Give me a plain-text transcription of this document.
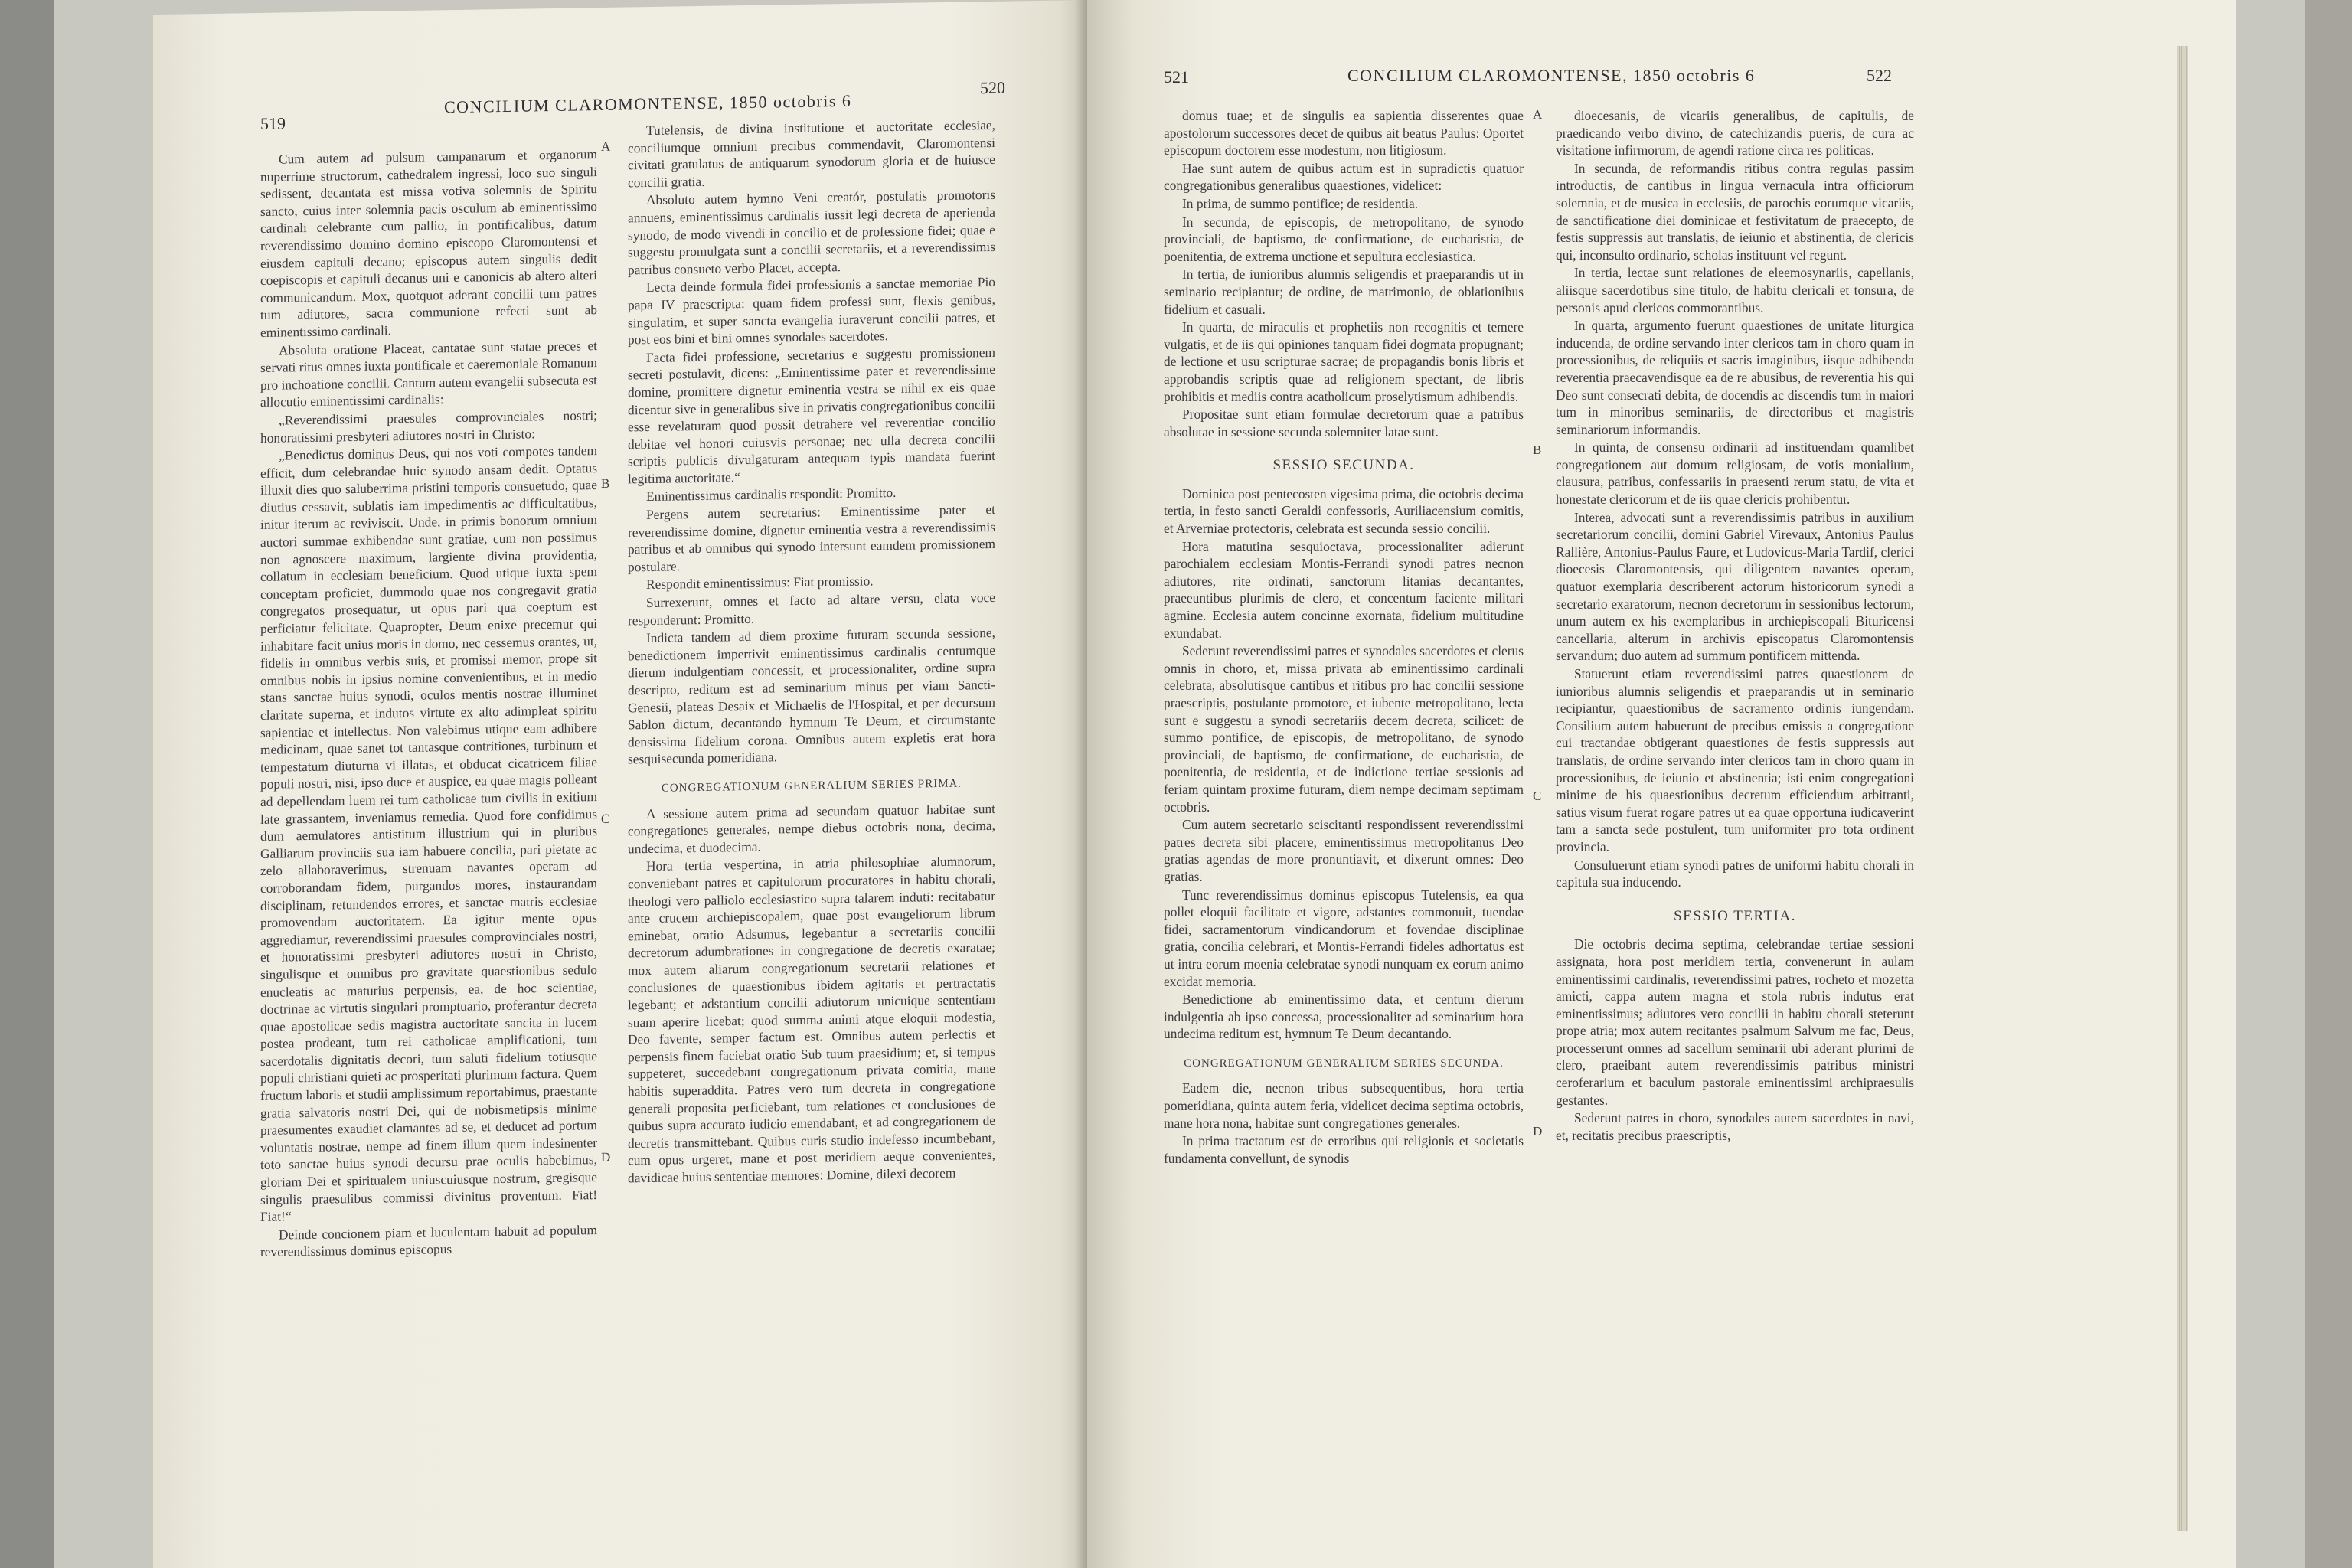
519
CONCILIUM CLAROMONTENSE, 1850 octobris 6
520

Cum autem ad pulsum campanarum et organorum nuperrime structorum, cathedralem ingressi, loco suo singuli sedissent, decantata est missa votiva solemnis de Spiritu sancto, cuius inter solemnia pacis osculum ab eminentissimo cardinali celebrante cum pallio, in pontificalibus, datum reverendissimo domino domino episcopo Claromontensi et eiusdem capituli decano; episcopus autem singulis dedit coepiscopis et capituli decanus uni e canonicis ab altero alteri communicandum. Mox, quotquot aderant concilii tum patres tum adiutores, sacra communione refecti sunt ab eminentissimo cardinali.

Absoluta oratione Placeat, cantatae sunt statae preces et servati ritus omnes iuxta pontificale et caeremoniale Romanum pro inchoatione concilii. Cantum autem evangelii subsecuta est allocutio eminentissimi cardinalis:

„Reverendissimi praesules comprovinciales nostri; honoratissimi presbyteri adiutores nostri in Christo:

„Benedictus dominus Deus, qui nos voti compotes tandem efficit, dum celebrandae huic synodo ansam dedit. Optatus illuxit dies quo saluberrima pristini temporis consuetudo, quae diutius cessavit, sublatis iam impedimentis ac difficultatibus, initur iterum ac reviviscit. Unde, in primis bonorum omnium auctori summae exhibendae sunt gratiae, cum non possimus non agnoscere maximum, largiente divina providentia, collatum in ecclesiam beneficium. Quod utique iuxta spem conceptam proficiet, dummodo quae nos congregavit gratia congregatos prosequatur, ut opus pari qua coeptum est perficiatur felicitate. Quapropter, Deum enixe precemur qui inhabitare facit unius moris in domo, nec cessemus orantes, ut, fidelis in omnibus verbis suis, et promissi memor, prope sit omnibus nobis in ipsius nomine convenientibus, et in medio stans sanctae huius synodi, oculos mentis nostrae illuminet claritate superna, et indutos virtute ex alto adimpleat spiritu sapientiae et intellectus. Non valebimus utique eam adhibere medicinam, quae sanet tot tantasque contritiones, turbinum et tempestatum diuturna vi illatas, et obducat cicatricem filiae populi nostri, nisi, ipso duce et auspice, ea quae magis polleant ad depellendam luem rei tum catholicae tum civilis in exitium late grassantem, inveniamus remedia. Quod fore confidimus dum aemulatores antistitum illustrium qui in pluribus Galliarum provinciis sua iam habuere concilia, pari pietate ac zelo allaboraverimus, strenuam navantes operam ad corroborandam fidem, purgandos mores, instaurandam disciplinam, retundendos errores, et sanctae matris ecclesiae promovendam auctoritatem. Ea igitur mente opus aggrediamur, reverendissimi praesules comprovinciales nostri, et honoratissimi presbyteri adiutores nostri in Christo, singulisque et omnibus pro gravitate quaestionibus sedulo enucleatis ac maturius perpensis, ea, de hoc scientiae, doctrinae ac virtutis singulari promptuario, proferantur decreta quae apostolicae sedis magistra auctoritate sancita in lucem postea prodeant, tum rei catholicae amplificationi, tum sacerdotalis dignitatis decori, tum saluti fidelium totiusque populi christiani quieti ac prosperitati plurimum factura. Quem fructum laboris et studii amplissimum reportabimus, praestante gratia salvatoris nostri Dei, qui de nobismetipsis minime praesumentes exaudiet clamantes ad se, et deducet ad portum voluntatis nostrae, nempe ad finem illum quem indesinenter toto sanctae huius synodi decursu prae oculis habebimus, gloriam Dei et spiritualem uniuscuiusque nostrum, gregisque singulis praesulibus commissi divinitus proventum. Fiat! Fiat!“

Deinde concionem piam et luculentam habuit ad populum reverendissimus dominus episcopus

Tutelensis, de divina institutione et auctoritate ecclesiae, conciliumque omnium precibus commendavit, Claromontensi civitati gratulatus de antiquarum synodorum gloria et de huiusce concilii gratia.

Absoluto autem hymno Veni creatór, postulatis promotoris annuens, eminentissimus cardinalis iussit legi decreta de aperienda synodo, de modo vivendi in concilio et de professione fidei; quae e suggestu promulgata sunt a concilii secretariis, et a reverendissimis patribus consueto verbo Placet, accepta.

Lecta deinde formula fidei professionis a sanctae memoriae Pio papa IV praescripta: quam fidem professi sunt, flexis genibus, singulatim, et super sancta evangelia iuraverunt concilii patres, et post eos bini et bini omnes synodales sacerdotes.

Facta fidei professione, secretarius e suggestu promissionem secreti postulavit, dicens: „Eminentissime pater et reverendissime domine, promittere dignetur eminentia vestra se nihil ex eis quae dicentur sive in generalibus sive in privatis congregationibus concilii esse revelaturam quod possit detrahere vel reverentiae concilio debitae vel honori cuiusvis personae; nec ulla decreta concilii scriptis publicis divulgaturam antequam typis mandata fuerint legitima auctoritate.“

Eminentissimus cardinalis respondit: Promitto.

Pergens autem secretarius: Eminentissime pater et reverendissime domine, dignetur eminentia vestra a reverendissimis patribus et ab omnibus qui synodo intersunt eamdem promissionem postulare.

Respondit eminentissimus: Fiat promissio.

Surrexerunt, omnes et facto ad altare versu, elata voce responderunt: Promitto.

Indicta tandem ad diem proxime futuram secunda sessione, benedictionem impertivit eminentissimus cardinalis centumque dierum indulgentiam concessit, et processionaliter, ordine supra descripto, reditum est ad seminarium minus per viam Sancti-Genesii, plateas Desaix et Michaelis de l'Hospital, et per decursum Sablon dictum, decantando hymnum Te Deum, et circumstante densissima fidelium corona. Omnibus autem expletis erat hora sesquisecunda pomeridiana.

CONGREGATIONUM GENERALIUM SERIES PRIMA.

A sessione autem prima ad secundam quatuor habitae sunt congregationes generales, nempe diebus octobris nona, decima, undecima, et duodecima.

Hora tertia vespertina, in atria philosophiae alumnorum, conveniebant patres et capitulorum procuratores in habitu chorali, theologi vero palliolo ecclesiastico supra talarem induti: recitabatur ante crucem archiepiscopalem, quae post evangeliorum librum eminebat, oratio Adsumus, legebantur a secretariis concilii decretorum adumbrationes in congregatione de decretis exaratae; mox autem aliarum congregationum secretarii relationes et conclusiones de quaestionibus ibidem agitatis et pertractatis legebant; et adstantium concilii adiutorum unicuique sententiam suam aperire licebat; quod summa animi atque eloquii modestia, Deo favente, semper factum est. Omnibus autem perlectis et perpensis finem faciebat oratio Sub tuum praesidium; et, si tempus suppeteret, succedebant congregationum privata comitia, mane habitis superaddita. Patres vero tum decreta in congregatione generali proposita perficiebant, tum relationes et conclusiones de quibus supra accurato iudicio emendabant, et ad congregationem de decretis transmittebant. Quibus curis studio indefesso incumbebant, cum opus urgeret, mane et post meridiem aeque convenientes, davidicae huius sententiae memores: Domine, dilexi decorem

A
B
C
D
521	CONCILIUM CLAROMONTENSE, 1850 octobris 6	522

domus tuae; et de singulis ea sapientia disserentes quae apostolorum successores decet de quibus ait beatus Paulus: Oportet episcopum doctorem esse modestum, non litigiosum.

Hae sunt autem de quibus actum est in supradictis quatuor congregationibus generalibus quaestiones, videlicet:

In prima, de summo pontifice; de residentia.

In secunda, de episcopis, de metropolitano, de synodo provinciali, de baptismo, de confirmatione, de eucharistia, de poenitentia, de extrema unctione et sepultura ecclesiastica.

In tertia, de iunioribus alumnis seligendis et praeparandis ut in seminario recipiantur; de ordine, de matrimonio, de oblationibus fidelium et casuali.

In quarta, de miraculis et prophetiis non recognitis et temere vulgatis, et de iis qui opiniones tanquam fidei dogmata propugnant; de lectione et usu scripturae sacrae; de propagandis bonis libris et approbandis scriptis quae ad religionem spectant, de libris prohibitis et mediis contra acatholicum proselytismum adhibendis.

Propositae sunt etiam formulae decretorum quae a patribus absolutae in sessione secunda solemniter latae sunt.

SESSIO SECUNDA.

Dominica post pentecosten vigesima prima, die octobris decima tertia, in festo sancti Geraldi confessoris, Auriliacensium comitis, et Arverniae protectoris, celebrata est secunda sessio concilii.

Hora matutina sesquioctava, processionaliter adierunt parochialem ecclesiam Montis-Ferrandi synodi patres necnon adiutores, rite ordinati, sanctorum litanias decantantes, praeeuntibus plurimis de clero, et concentum faciente militari agmine. Ecclesia autem concinne exornata, fidelium multitudine exundabat.

Sederunt reverendissimi patres et synodales sacerdotes et clerus omnis in choro, et, missa privata ab eminentissimo cardinali celebrata, absolutisque cantibus et ritibus pro hac concilii sessione praescriptis, postulante promotore, et iubente metropolitano, lecta sunt e suggestu a synodi secretariis decem decreta, scilicet: de summo pontifice, de episcopis, de metropolitano, de synodo provinciali, de baptismo, de confirmatione, de eucharistia, de poenitentia, de residentia, et de indictione tertiae sessionis ad feriam quintam proxime futuram, diem nempe decimam septimam octobris.

Cum autem secretario sciscitanti respondissent reverendissimi patres decreta sibi placere, eminentissimus metropolitanus Deo gratias agendas de more pronuntiavit, et dixerunt omnes: Deo gratias.

Tunc reverendissimus dominus episcopus Tutelensis, ea qua pollet eloquii facilitate et vigore, adstantes commonuit, tuendae fidei, sacramentorum vindicandorum et fovendae disciplinae gratia, concilia celebrari, et Montis-Ferrandi fideles adhortatus est ut intra eorum moenia celebratae synodi nunquam ex eorum animo excidat memoria.

Benedictione ab eminentissimo data, et centum dierum indulgentia ab ipso concessa, processionaliter ad seminarium hora undecima reditum est, hymnum Te Deum decantando.

CONGREGATIONUM GENERALIUM SERIES SECUNDA.

Eadem die, necnon tribus subsequentibus, hora tertia pomeridiana, quinta autem feria, videlicet decima septima octobris, mane hora nona, habitae sunt congregationes generales.

In prima tractatum est de erroribus qui religionis et societatis fundamenta convellunt, de synodis

dioecesanis, de vicariis generalibus, de capitulis, de praedicando verbo divino, de catechizandis pueris, de cura ac visitatione infirmorum, de agendi ratione circa res politicas.

In secunda, de reformandis ritibus contra regulas passim introductis, de cantibus in lingua vernacula intra officiorum solemnia, et de musica in ecclesiis, de parochis eorumque vicariis, de sanctificatione diei dominicae et festivitatum de praecepto, de festis suppressis aut translatis, de ieiunio et abstinentia, de clericis qui, inconsulto ordinario, scholas instituunt vel regunt.

In tertia, lectae sunt relationes de eleemosynariis, capellanis, aliisque sacerdotibus sine titulo, de habitu clericali et tonsura, de personis apud clericos commorantibus.

In quarta, argumento fuerunt quaestiones de unitate liturgica inducenda, de ordine servando inter clericos tam in choro quam in processionibus, de reliquiis et sacris imaginibus, iisque adhibenda reverentia praecavendisque ea de re abusibus, de reverentia his qui Deo sunt consecrati debita, de docendis ac discendis tum in maiori tum in minoribus seminariis, de directoribus et magistris seminariorum informandis.

In quinta, de consensu ordinarii ad instituendam quamlibet congregationem aut domum religiosam, de votis monialium, clausura, patribus, confessariis in praesenti rerum statu, de vita et honestate clericorum et de iis quae clericis prohibentur.

Interea, advocati sunt a reverendissimis patribus in auxilium secretariorum concilii, domini Gabriel Virevaux, Antonius Paulus Rallière, Antonius-Paulus Faure, et Ludovicus-Maria Tardif, clerici dioecesis Claromontensis, qui diligentem navantes operam, quatuor exemplaria describerent actorum historicorum synodi a secretario exaratorum, necnon decretorum in sessionibus lectorum, unum autem ex his exemplaribus in archiepiscopali Bituricensi cancellaria, alterum in archivis episcopatus Claromontensis servandum; duo autem ad summum pontificem mittenda.

Statuerunt etiam reverendissimi patres quaestionem de iunioribus alumnis seligendis et praeparandis ut in seminario recipiantur, quaestionibus de sacramento ordinis iungendam. Consilium autem habuerunt de precibus emissis a congregatione cui tractandae obtigerant quaestiones de festis suppressis aut translatis, de ordine servando inter clericos tam in choro quam in processionibus, de ieiunio et abstinentia; isti enim congregationi minime de his quaestionibus decretum efficiendum arbitranti, satius visum fuerat rogare patres ut ea quae opportuna iudicaverint tam a sancta sede postulent, tum uniformiter pro tota ordinent provincia.

Consuluerunt etiam synodi patres de uniformi habitu chorali in capitula sua inducendo.

SESSIO TERTIA.

Die octobris decima septima, celebrandae tertiae sessioni assignata, hora post meridiem tertia, convenerunt in aulam eminentissimi cardinalis, reverendissimi patres, rocheto et mozetta amicti, cappa autem magna et stola rubris indutus erat eminentissimus; adiutores vero concilii in habitu chorali steterunt prope atria; mox autem recitantes psalmum Salvum me fac, Deus, processerunt omnes ad sacellum seminarii ubi aderant plurimi de clero, praeibant autem reverendissimis patribus ministri ceroferarium et baculum pastorale eminentissimi archipraesulis gestantes.

Sederunt patres in choro, synodales autem sacerdotes in navi, et, recitatis precibus praescriptis,

A
B
C
D
